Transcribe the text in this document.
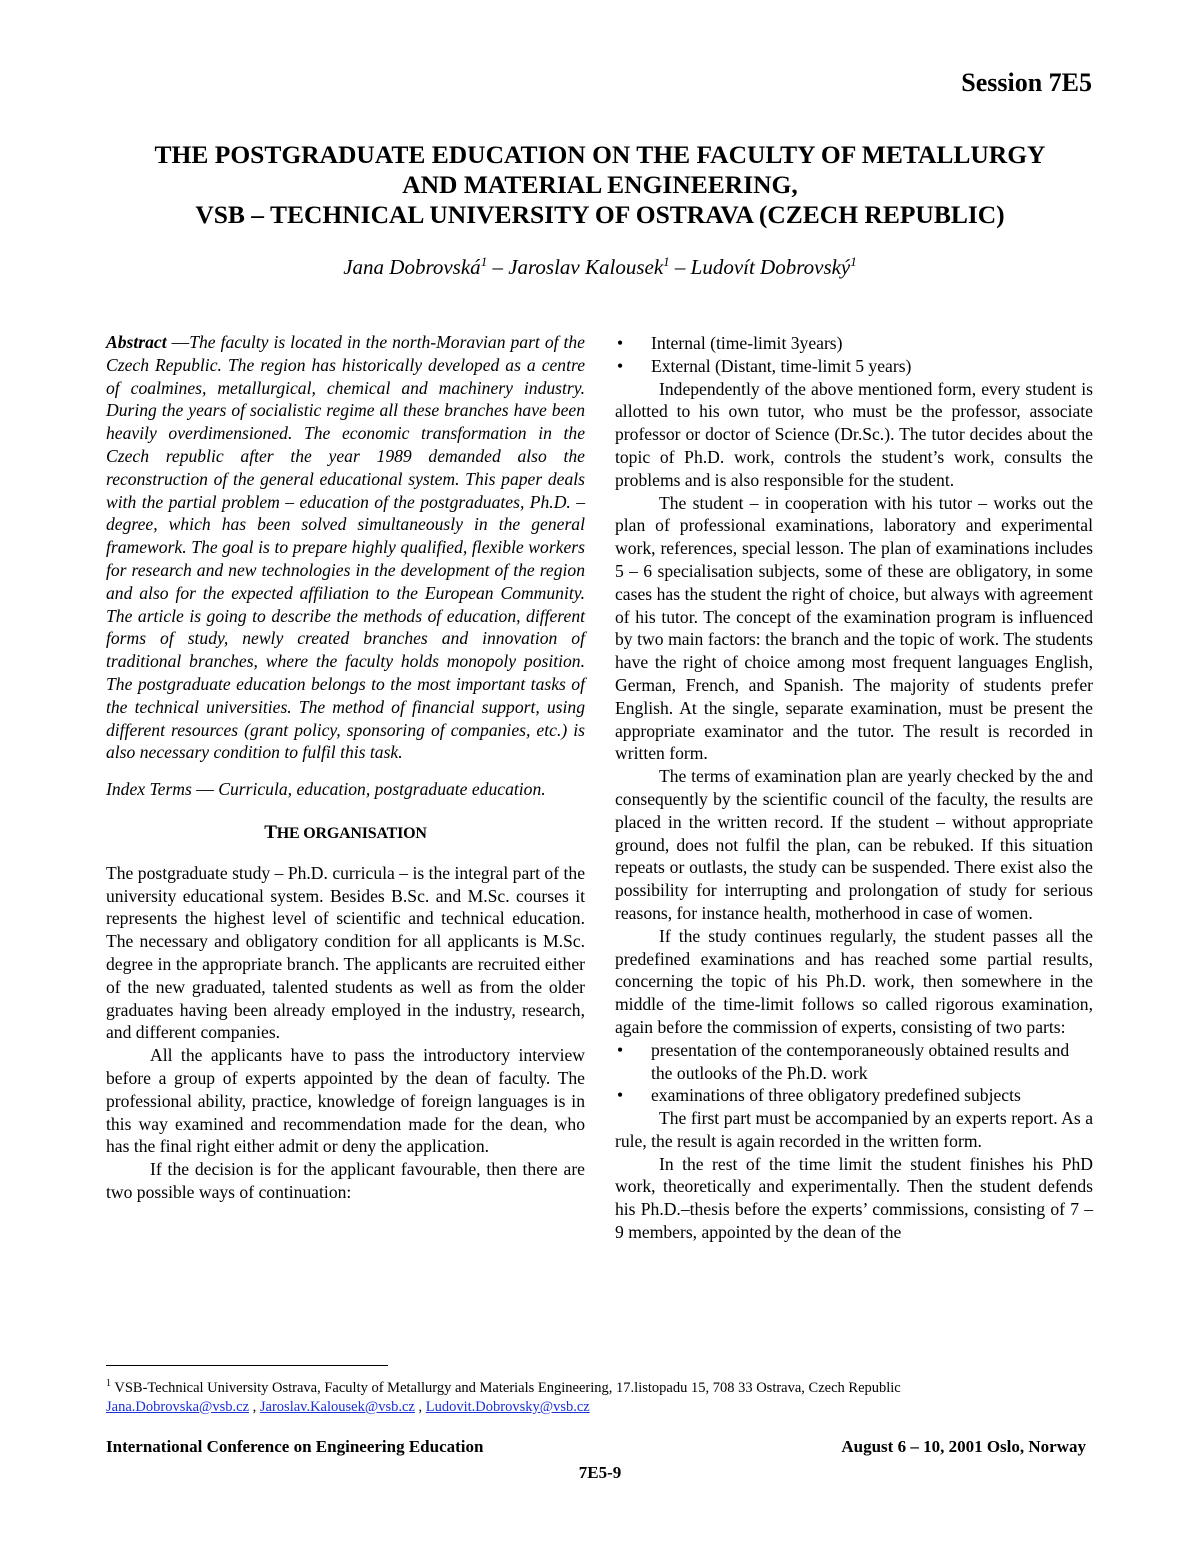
Session 7E5
THE POSTGRADUATE EDUCATION ON THE FACULTY OF METALLURGY
AND MATERIAL ENGINEERING,
VSB – TECHNICAL UNIVERSITY OF OSTRAVA (CZECH REPUBLIC)
Jana Dobrovská$^1$ – Jaroslav Kalousek$^1$ – Ludovít Dobrovský$^1$
Abstract ––The faculty is located in the north-Moravian part of the Czech Republic. The region has historically developed as a centre of coalmines, metallurgical, chemical and machinery industry. During the years of socialistic regime all these branches have been heavily overdimensioned. The economic transformation in the Czech republic after the year 1989 demanded also the reconstruction of the general educational system. This paper deals with the partial problem – education of the postgraduates, Ph.D. – degree, which has been solved simultaneously in the general framework. The goal is to prepare highly qualified, flexible workers for research and new technologies in the development of the region and also for the expected affiliation to the European Community. The article is going to describe the methods of education, different forms of study, newly created branches and innovation of traditional branches, where the faculty holds monopoly position. The postgraduate education belongs to the most important tasks of the technical universities. The method of financial support, using different resources (grant policy, sponsoring of companies, etc.) is also necessary condition to fulfil this task.
Index Terms –– Curricula, education, postgraduate education.
THE ORGANISATION

The postgraduate study – Ph.D. curricula – is the integral part of the university educational system. Besides B.Sc. and M.Sc. courses it represents the highest level of scientific and technical education. The necessary and obligatory condition for all applicants is M.Sc. degree in the appropriate branch. The applicants are recruited either of the new graduated, talented students as well as from the older graduates having been already employed in the industry, research, and different companies.

All the applicants have to pass the introductory interview before a group of experts appointed by the dean of faculty. The professional ability, practice, knowledge of foreign languages is in this way examined and recommendation made for the dean, who has the final right either admit or deny the application.

If the decision is for the applicant favourable, then there are two possible ways of continuation:

•	Internal (time-limit 3years)
•	External (Distant, time-limit 5 years)

Independently of the above mentioned form, every student is allotted to his own tutor, who must be the professor, associate professor or doctor of Science (Dr.Sc.). The tutor decides about the topic of Ph.D. work, controls the student’s work, consults the problems and is also responsible for the student.

The student – in cooperation with his tutor – works out the plan of professional examinations, laboratory and experimental work, references, special lesson. The plan of examinations includes 5 – 6 specialisation subjects, some of these are obligatory, in some cases has the student the right of choice, but always with agreement of his tutor. The concept of the examination program is influenced by two main factors: the branch and the topic of work. The students have the right of choice among most frequent languages English, German, French, and Spanish. The majority of students prefer English. At the single, separate examination, must be present the appropriate examinator and the tutor. The result is recorded in written form.

The terms of examination plan are yearly checked by the and consequently by the scientific council of the faculty, the results are placed in the written record. If the student – without appropriate ground, does not fulfil the plan, can be rebuked. If this situation repeats or outlasts, the study can be suspended. There exist also the possibility for interrupting and prolongation of study for serious reasons, for instance health, motherhood in case of women.

If the study continues regularly, the student passes all the predefined examinations and has reached some partial results, concerning the topic of his Ph.D. work, then somewhere in the middle of the time-limit follows so called rigorous examination, again before the commission of experts, consisting of two parts:

•	presentation of the contemporaneously obtained results and the outlooks of the Ph.D. work
•	examinations of three obligatory predefined subjects

The first part must be accompanied by an experts report. As a rule, the result is again recorded in the written form.

In the rest of the time limit the student finishes his PhD work, theoretically and experimentally. Then the student defends his Ph.D.–thesis before the experts’ commissions, consisting of 7 – 9 members, appointed by the dean of the

$^1$ VSB-Technical University Ostrava, Faculty of Metallurgy and Materials Engineering, 17.listopadu 15, 708 33 Ostrava, Czech Republic
Jana.Dobrovska@vsb.cz , Jaroslav.Kalousek@vsb.cz , Ludovit.Dobrovsky@vsb.cz
International Conference on Engineering Education	August 6 – 10, 2001 Oslo, Norway
7E5-9
